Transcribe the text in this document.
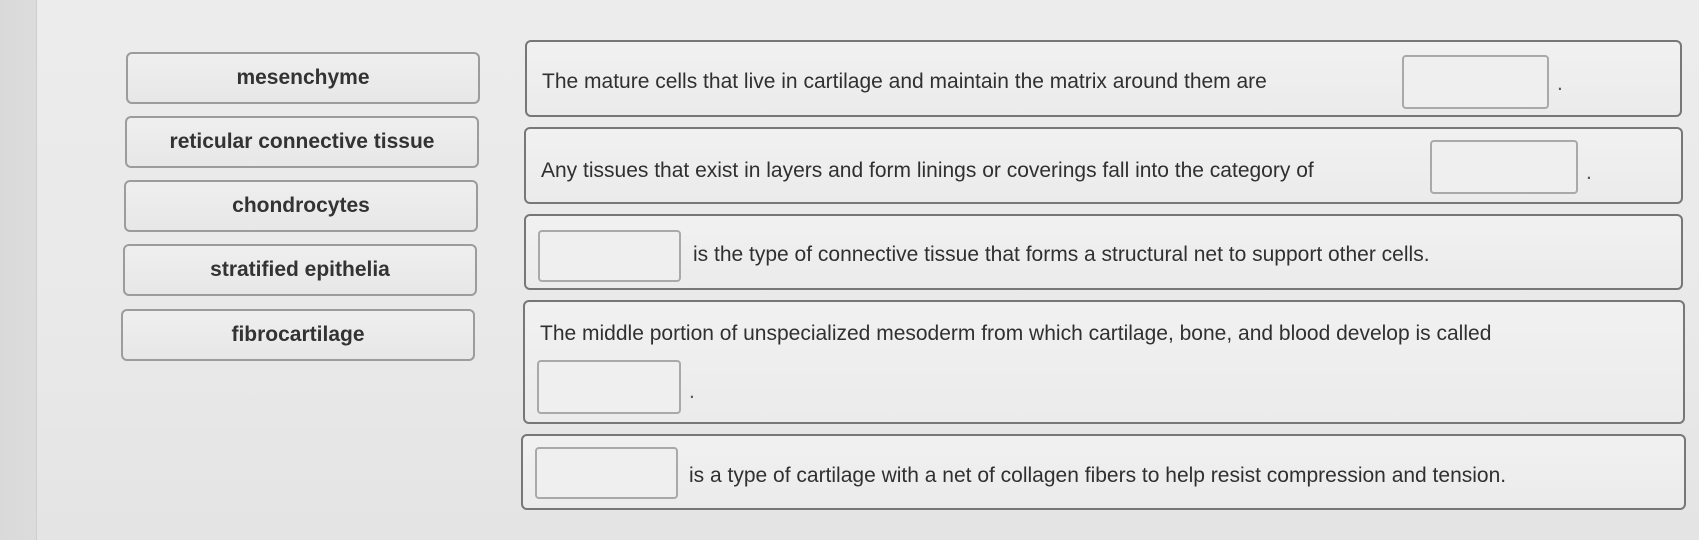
mesenchyme
reticular connective tissue
chondrocytes
stratified epithelia
fibrocartilage
The mature cells that live in cartilage and maintain the matrix around them are	.
Any tissues that exist in layers and form linings or coverings fall into the category of	.
is the type of connective tissue that forms a structural net to support other cells.
The middle portion of unspecialized mesoderm from which cartilage, bone, and blood develop is called
.
is a type of cartilage with a net of collagen fibers to help resist compression and tension.
